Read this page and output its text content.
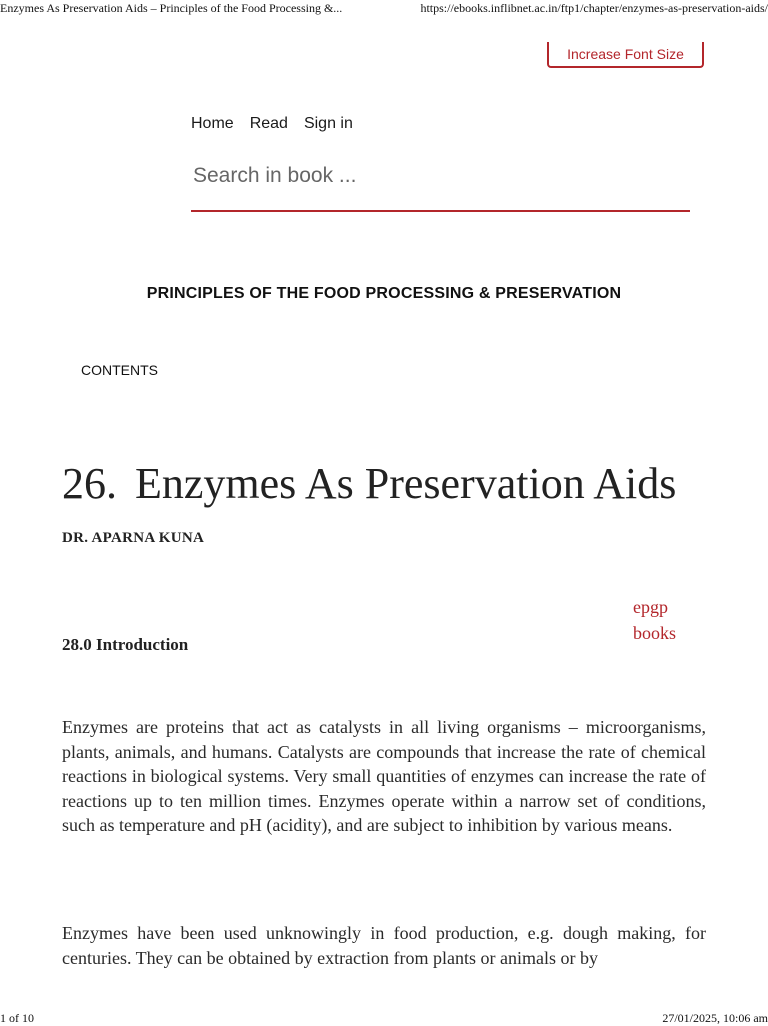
Enzymes As Preservation Aids – Principles of the Food Processing &...	https://ebooks.inflibnet.ac.in/ftp1/chapter/enzymes-as-preservation-aids/
Increase Font Size
Home Read Sign in
Search in book ...
PRINCIPLES OF THE FOOD PROCESSING & PRESERVATION
CONTENTS
26. Enzymes As Preservation Aids
DR. APARNA KUNA
epgp
books
28.0 Introduction

Enzymes are proteins that act as catalysts in all living organisms – microorganisms, plants, animals, and humans. Catalysts are compounds that increase the rate of chemical reactions in biological systems. Very small quantities of enzymes can increase the rate of reactions up to ten million times. Enzymes operate within a narrow set of conditions, such as temperature and pH (acidity), and are subject to inhibition by various means.

Enzymes have been used unknowingly in food production, e.g. dough making, for centuries. They can be obtained by extraction from plants or animals or by

1 of 10	27/01/2025, 10:06 am
